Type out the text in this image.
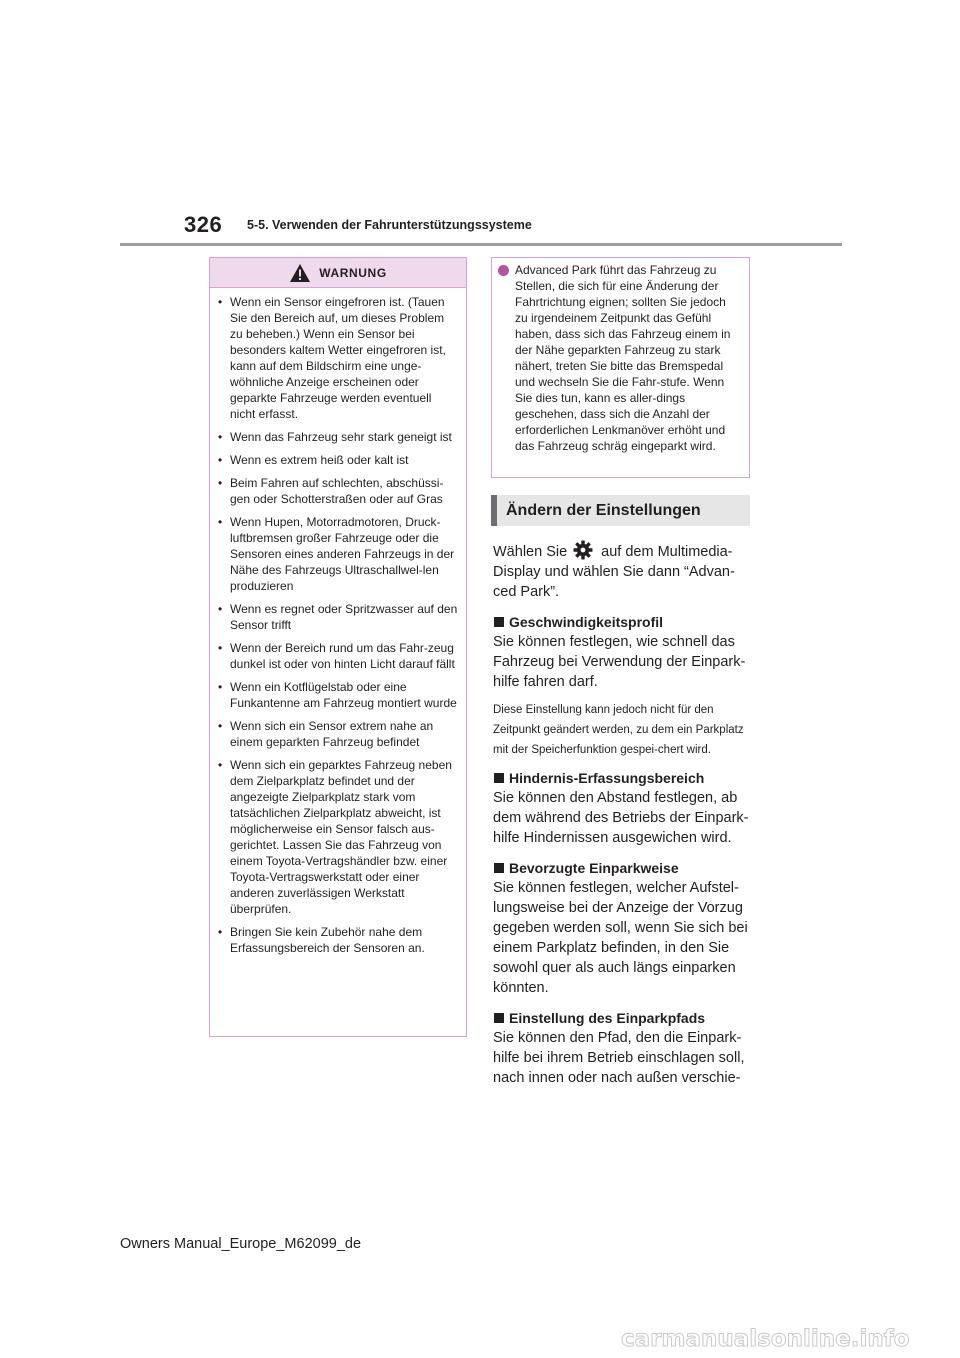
326 5-5. Verwenden der Fahrunterstützungssysteme
WARNUNG
• Wenn ein Sensor eingefroren ist. (Tauen Sie den Bereich auf, um dieses Problem zu beheben.) Wenn ein Sensor bei besonders kaltem Wetter eingefroren ist, kann auf dem Bildschirm eine unge-wöhnliche Anzeige erscheinen oder geparkte Fahrzeuge werden eventuell nicht erfasst.
• Wenn das Fahrzeug sehr stark geneigt ist
• Wenn es extrem heiß oder kalt ist
• Beim Fahren auf schlechten, abschüssi-gen oder Schotterstraßen oder auf Gras
• Wenn Hupen, Motorradmotoren, Druck-luftbremsen großer Fahrzeuge oder die Sensoren eines anderen Fahrzeugs in der Nähe des Fahrzeugs Ultraschallwel-len produzieren
• Wenn es regnet oder Spritzwasser auf den Sensor trifft
• Wenn der Bereich rund um das Fahr-zeug dunkel ist oder von hinten Licht darauf fällt
• Wenn ein Kotflügelstab oder eine Funkantenne am Fahrzeug montiert wurde
• Wenn sich ein Sensor extrem nahe an einem geparkten Fahrzeug befindet
• Wenn sich ein geparktes Fahrzeug neben dem Zielparkplatz befindet und der angezeigte Zielparkplatz stark vom tatsächlichen Zielparkplatz abweicht, ist möglicherweise ein Sensor falsch aus-gerichtet. Lassen Sie das Fahrzeug von einem Toyota-Vertragshändler bzw. einer Toyota-Vertragswerkstatt oder einer anderen zuverlässigen Werkstatt überprüfen.
• Bringen Sie kein Zubehör nahe dem Erfassungsbereich der Sensoren an.
Advanced Park führt das Fahrzeug zu Stellen, die sich für eine Änderung der Fahrtrichtung eignen; sollten Sie jedoch zu irgendeinem Zeitpunkt das Gefühl haben, dass sich das Fahrzeug einem in der Nähe geparkten Fahrzeug zu stark nähert, treten Sie bitte das Bremspedal und wechseln Sie die Fahr-stufe. Wenn Sie dies tun, kann es aller-dings geschehen, dass sich die Anzahl der erforderlichen Lenkmanöver erhöht und das Fahrzeug schräg eingeparkt wird.
Ändern der Einstellungen

Wählen Sie auf dem Multimedia-Display und wählen Sie dann “Advan-ced Park”.

Geschwindigkeitsprofil

Sie können festlegen, wie schnell das Fahrzeug bei Verwendung der Einpark-hilfe fahren darf.

Diese Einstellung kann jedoch nicht für den Zeitpunkt geändert werden, zu dem ein Parkplatz mit der Speicherfunktion gespei-chert wird.

Hindernis-Erfassungsbereich

Sie können den Abstand festlegen, ab dem während des Betriebs der Einpark-hilfe Hindernissen ausgewichen wird.

Bevorzugte Einparkweise

Sie können festlegen, welcher Aufstel-lungsweise bei der Anzeige der Vorzug gegeben werden soll, wenn Sie sich bei einem Parkplatz befinden, in den Sie sowohl quer als auch längs einparken könnten.

Einstellung des Einparkpfads

Sie können den Pfad, den die Einpark-hilfe bei ihrem Betrieb einschlagen soll, nach innen oder nach außen verschie-

Owners Manual_Europe_M62099_de
carmanualsonline.info
